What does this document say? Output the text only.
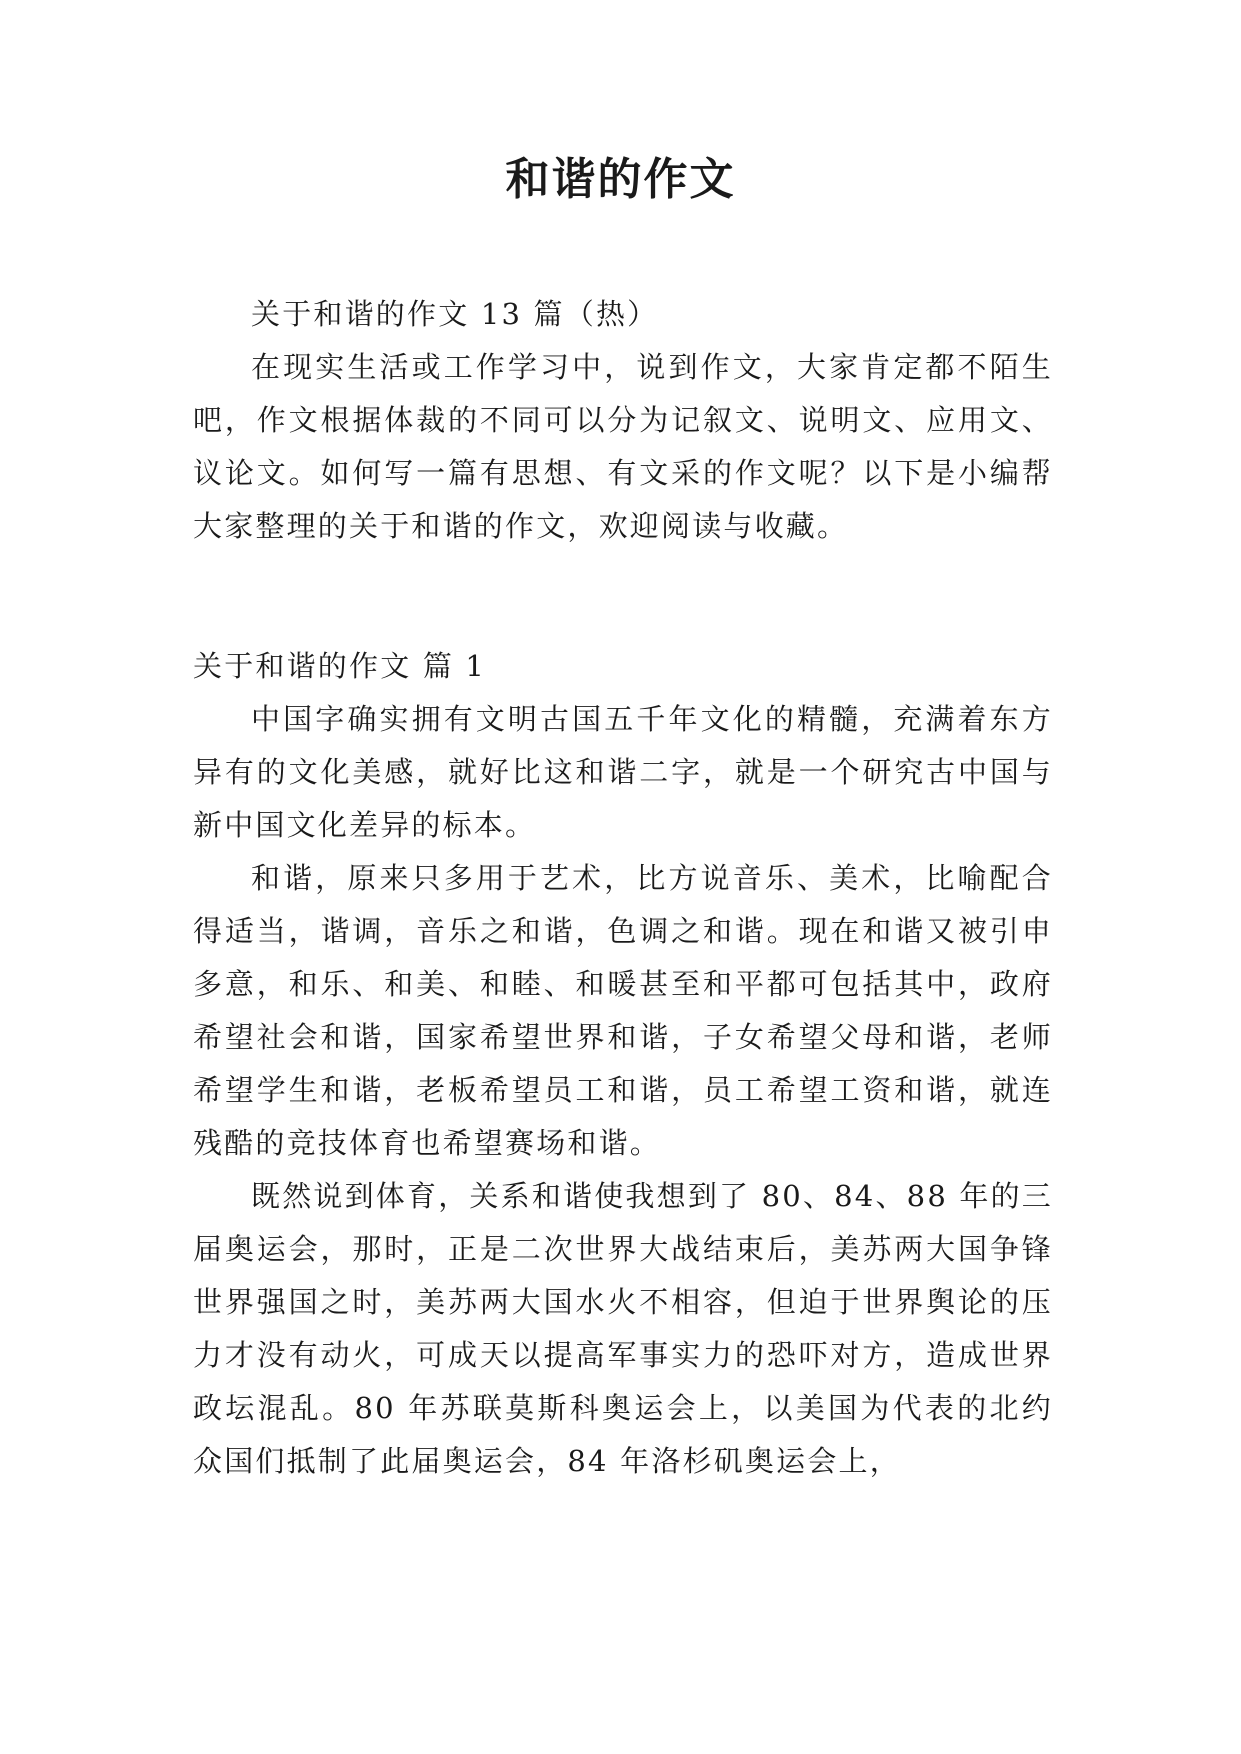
和谐的作文

关于和谐的作文 13 篇（热）

在现实生活或工作学习中，说到作文，大家肯定都不陌生吧，作文根据体裁的不同可以分为记叙文、说明文、应用文、议论文。如何写一篇有思想、有文采的作文呢？以下是小编帮大家整理的关于和谐的作文，欢迎阅读与收藏。

关于和谐的作文 篇 1

中国字确实拥有文明古国五千年文化的精髓，充满着东方异有的文化美感，就好比这和谐二字，就是一个研究古中国与新中国文化差异的标本。

和谐，原来只多用于艺术，比方说音乐、美术，比喻配合得适当，谐调，音乐之和谐，色调之和谐。现在和谐又被引申多意，和乐、和美、和睦、和暖甚至和平都可包括其中，政府希望社会和谐，国家希望世界和谐，子女希望父母和谐，老师希望学生和谐，老板希望员工和谐，员工希望工资和谐，就连残酷的竞技体育也希望赛场和谐。

既然说到体育，关系和谐使我想到了 80、84、88 年的三届奥运会，那时，正是二次世界大战结束后，美苏两大国争锋世界强国之时，美苏两大国水火不相容，但迫于世界舆论的压力才没有动火，可成天以提高军事实力的恐吓对方，造成世界政坛混乱。80 年苏联莫斯科奥运会上，以美国为代表的北约众国们抵制了此届奥运会，84 年洛杉矶奥运会上，
